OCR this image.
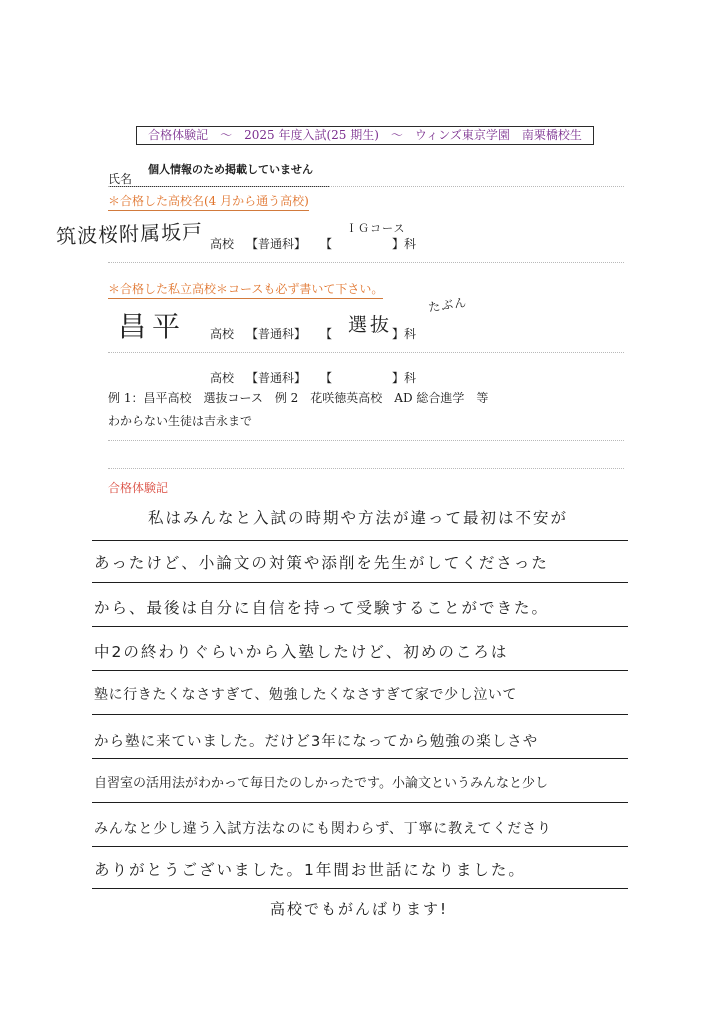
合格体験記　～　2025 年度入試(25 期生)　～　ウィンズ東京学園　南栗橋校生
個人情報のため掲載していません
氏名
＊合格した高校名(4 月から通う高校)
筑波桜附属坂戸 高校 【普通科】 【
ＩＧコース
】科
＊合格した私立高校＊コースも必ず書いて下さい。
昌平 高校 【普通科】 【 選抜 】科
たぶん
高校 【普通科】 【	】科
例 1：昌平高校　選抜コース　例 2　花咲徳英高校　AD 総合進学　等
わからない生徒は吉永まで
合格体験記
私はみんなと入試の時期や方法が違って最初は不安が
あったけど、小論文の対策や添削を先生がしてくださった
から、最後は自分に自信を持って受験することができた。
中2の終わりぐらいから入塾したけど、初めのころは
塾に行きたくなさすぎて、勉強したくなさすぎて家で少し泣いて
から塾に来ていました。だけど3年になってから勉強の楽しさや
自習室の活用法がわかって毎日たのしかったです。小論文というみんなと少し
みんなと少し違う入試方法なのにも関わらず、丁寧に教えてくださり
ありがとうございました。1年間お世話になりました。
高校でもがんばります!
